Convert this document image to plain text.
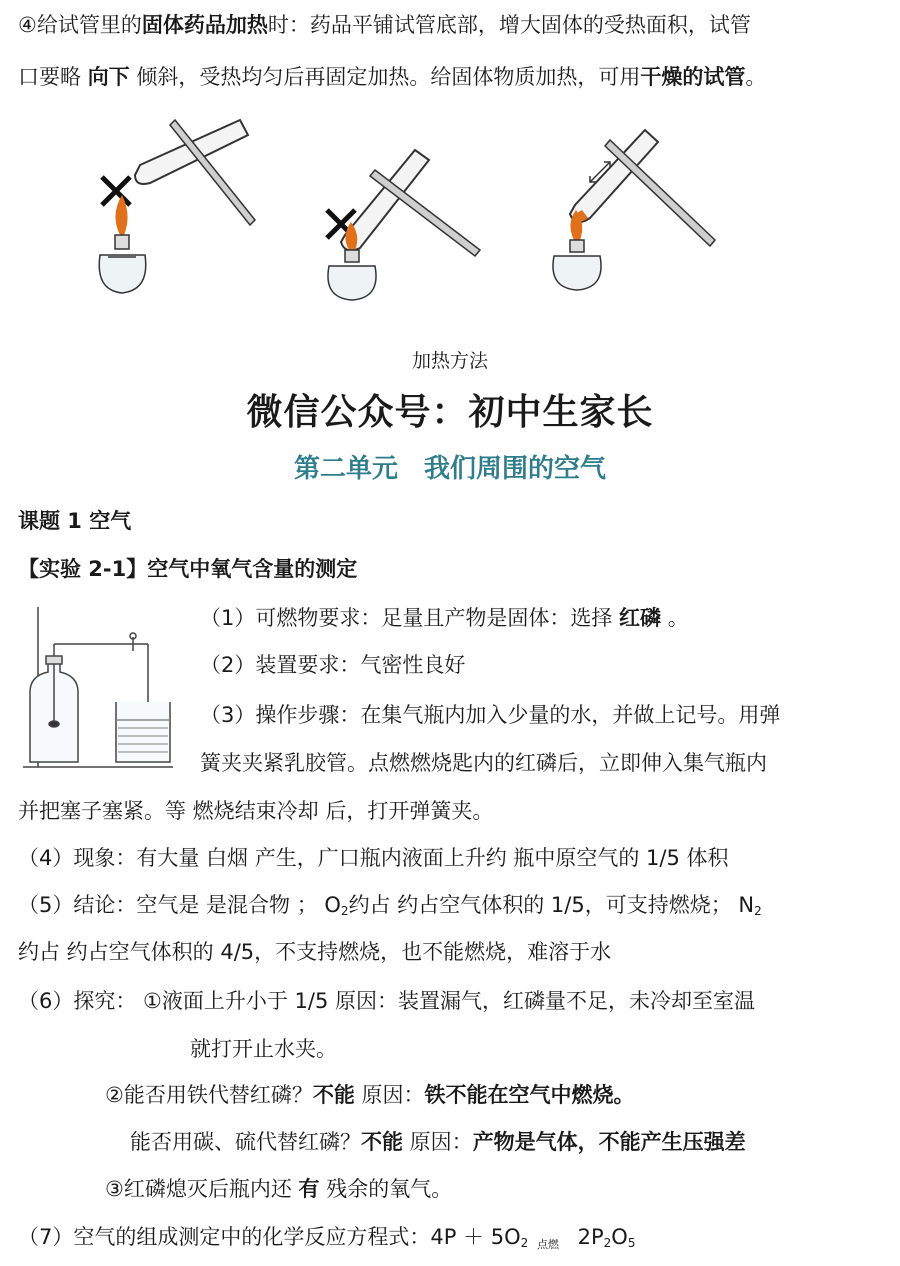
④给试管里的固体药品加热时：药品平铺试管底部，增大固体的受热面积，试管
口要略 向下 倾斜，受热均匀后再固定加热。给固体物质加热，可用干燥的试管。
加热方法
微信公众号：初中生家长
第二单元　我们周围的空气
课题 1 空气
【实验 2-1】空气中氧气含量的测定
（1）可燃物要求：足量且产物是固体：选择 红磷 。
（2）装置要求：气密性良好
（3）操作步骤：在集气瓶内加入少量的水，并做上记号。用弹
簧夹夹紧乳胶管。点燃燃烧匙内的红磷后，立即伸入集气瓶内
并把塞子塞紧。等 燃烧结束冷却 后，打开弹簧夹。
（4）现象：有大量 白烟 产生，广口瓶内液面上升约 瓶中原空气的 1/5 体积
（5）结论：空气是 是混合物 ； $O_2$约占 约占空气体积的 1/5，可支持燃烧； $N_2$
约占 约占空气体积的 4/5，不支持燃烧，也不能燃烧，难溶于水
（6）探究： ①液面上升小于 1/5 原因：装置漏气，红磷量不足，未冷却至室温
就打开止水夹。
②能否用铁代替红磷？不能 原因：铁不能在空气中燃烧。
能否用碳、硫代替红磷？不能 原因：产物是气体，不能产生压强差
③红磷熄灭后瓶内还 有 残余的氧气。
（7）空气的组成测定中的化学反应方程式：$4P + 5O_2$ 点燃 $2P_2O_5$
